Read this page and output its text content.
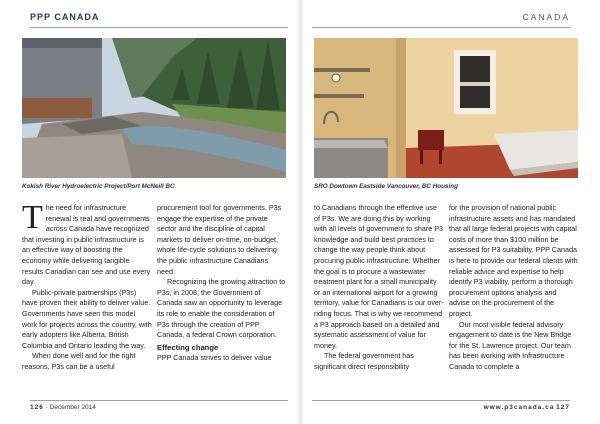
PPP CANADA	CANADA
Kokish River Hydroelectric Project/Port McNeill BC	SRO Dowtown Eastside Vancouver, BC Housing

The need for infrastructure renewal is real and governments across Canada have recognized that investing in public infrastructure is an effective way of boosting the economy while delivering tangible results Canadian can see and use every day.

Public-private partnerships (P3s) have proven their ability to deliver value. Governments have seen this model work for projects across the country, with early adopters like Alberta, British Columbia and Ontario leading the way.

When done well and for the right reasons, P3s can be a useful

procurement tool for governments. P3s engage the expertise of the private sector and the discipline of capital markets to deliver on-time, on-budget, whole life-cycle solutions to delivering the public infrastructure Canadians need.

Recognizing the growing attraction to P3s, in 2008, the Government of Canada saw an opportunity to leverage its role to enable the consideration of P3s through the creation of PPP Canada, a federal Crown corporation.

Effecting change

PPP Canada strives to deliver value

to Canadians through the effective use of P3s. We are doing this by working with all levels of government to share P3 knowledge and build best practices to change the way people think about procuring public infrastructure. Whether the goal is to procure a wastewater treatment plant for a small municipality or an international airport for a growing territory, value for Canadians is our over-riding focus. That is why we recommend a P3 approach based on a detailed and systematic assessment of value for money.

The federal government has significant direct responsibility

for the provision of national public infrastructure assets and has mandated that all large federal projects with capital costs of more than $100 million be assessed for P3 suitability. PPP Canada is here to provide our federal clients with reliable advice and expertise to help identify P3 viability, perform a thorough procurement options analysis and advise on the procurement of the project.

Our most visible federal advisory engagement to date is the New Bridge for the St. Lawrence project. Our team has been working with Infrastructure Canada to complete a

126 · December 2014	www.p3canada.ca 127
